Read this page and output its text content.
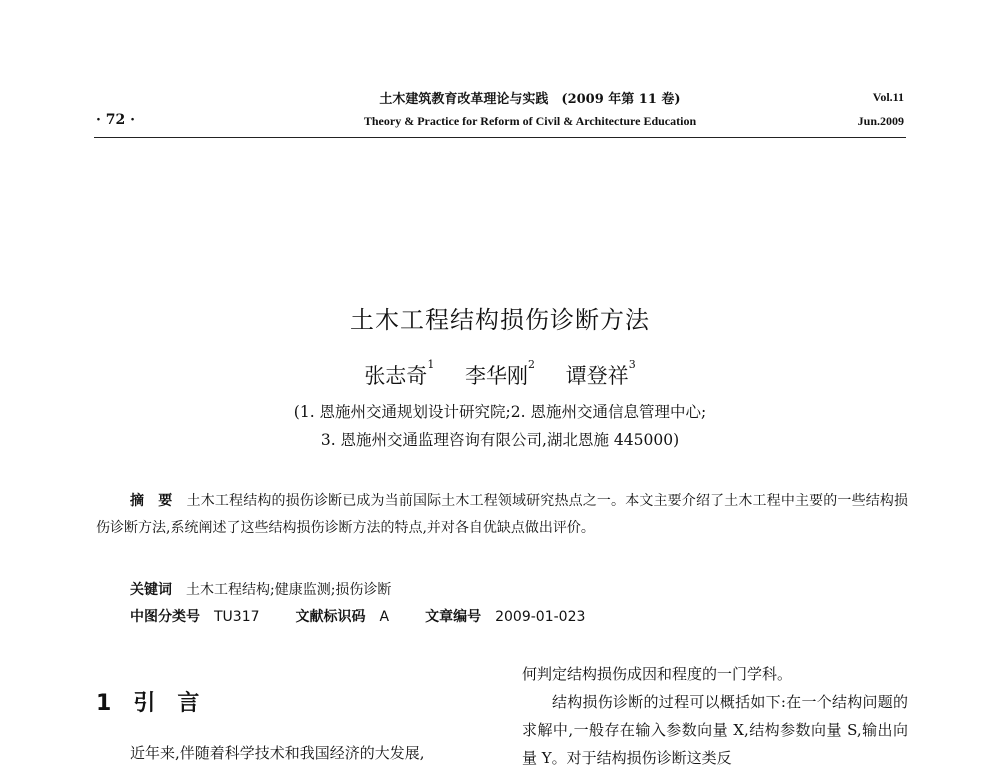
· 72 ·
土木建筑教育改革理论与实践　(2009 年第 11 卷)
Theory & Practice for Reform of Civil & Architecture Education
Vol.11
Jun.2009
土木工程结构损伤诊断方法
张志奇$^1$ 李华刚$^2$ 谭登祥$^3$
(1. 恩施州交通规划设计研究院;2. 恩施州交通信息管理中心;
3. 恩施州交通监理咨询有限公司,湖北恩施 445000)
摘　要　 土木工程结构的损伤诊断已成为当前国际土木工程领域研究热点之一。本文主要介绍了土木工程中主要的一些结构损伤诊断方法,系统阐述了这些结构损伤诊断方法的特点,并对各自优缺点做出评价。
关键词　 土木工程结构;健康监测;损伤诊断
中图分类号 TU317	文献标识码 A	文章编号 2009-01-023
1 引言
近年来,伴随着科学技术和我国经济的大发展,

何判定结构损伤成因和程度的一门学科。

结构损伤诊断的过程可以概括如下:在一个结构问题的求解中,一般存在输入参数向量 X,结构参数向量 S,输出向量 Y。对于结构损伤诊断这类反
